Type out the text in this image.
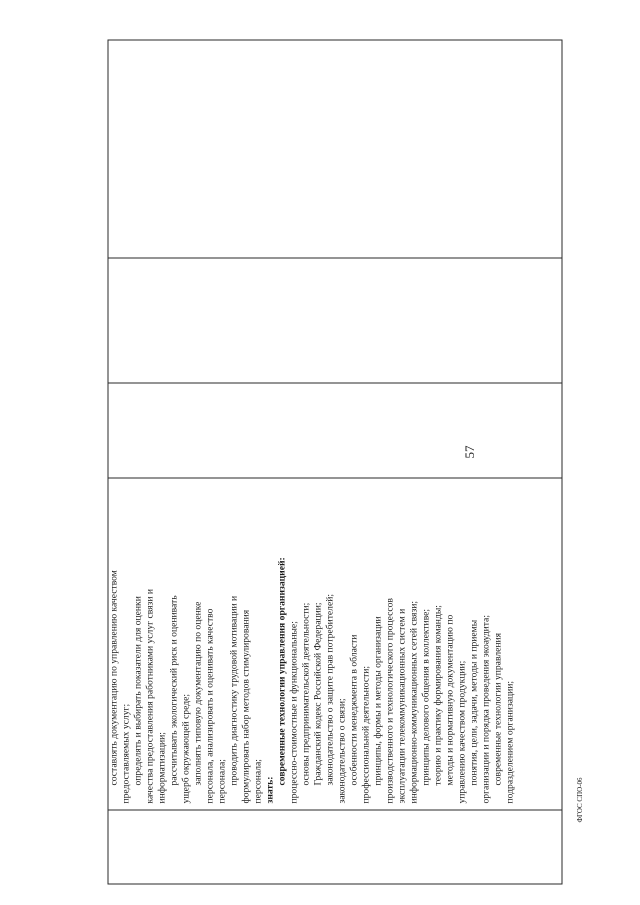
57
составлять документацию по управлению качеством предоставляемых услуг; определять и выбирать показатели для оценки качества предоставления работниками услуг связи и информатизации; рассчитывать экологический риск и оценивать ущерб окружающей среде; заполнять типовую документацию по оценке персонала, анализировать и оценивать качество персонала; проводить диагностику трудовой мотивации и формулировать набор методов стимулирования персонала; знать:
современные технологии управления организацией: процессно-стоимостные и функциональные; основы предпринимательской деятельности; Гражданский кодекс Российской Федерации; законодательство о защите прав потребителей; законодательство о связи; особенности менеджмента в области профессиональной деятельности; принципы, формы и методы организации производственного и технологического процессов эксплуатации телекоммуникационных систем и информационно-коммуникационных сетей связи; принципы делового общения в коллективе; теорию и практику формирования команды; методы и нормативную документацию по управлению качеством продукции; понятия, цели, задачи, методы и приемы организации и порядка проведения экоаудита; современные технологии управления подразделением организации;	ФГОС СПО-06
